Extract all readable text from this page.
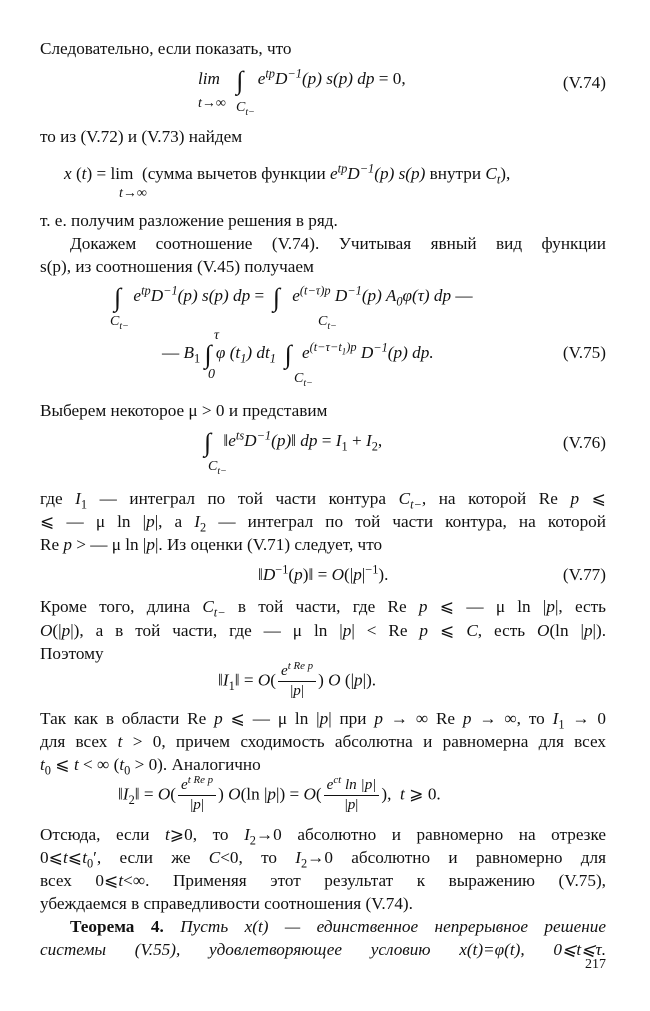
Следовательно, если показать, что
lim ∫ $e^{tp}D^{-1}(p)$ s(p) dp = 0,
t→∞ $C_{t-}$
(V.74)
то из (V.72) и (V.73) найдем
x (t) = lim  (сумма вычетов функции $e^{tp}D^{-1}(p)$ s(p) внутри $C_t$),
t→∞
т. е. получим разложение решения в ряд.
Докажем соотношение (V.74). Учитывая явный вид функции
s(p), из соотношения (V.45) получаем
∫ $e^{tp}D^{-1}(p)$ s(p) dp =  ∫ $e^{(t-\tau)p}$ $D^{-1}(p)$ $A_0\varphi(\tau)$ dp —
$C_{t-}$	$C_{t-}$
— $B_1$ ∫ φ $(t_1)$ $dt_1$ ∫ $e^{(t-\tau-t_1)p}$ $D^{-1}(p)$ dp.
τ
0	$C_{t-}$
(V.75)
Выберем некоторое μ > 0 и представим
∫ $‖e^{ts}D^{-1}(p)‖$ dp = $I_1 + I_2$,
$C_{t-}$
(V.76)
где $I_1$ — интеграл по той части контура $C_{t-}$, на которой Re p ⩽
⩽ — μ ln |p|, а $I_2$ — интеграл по той части контура, на которой
Re p > — μ ln |p|. Из оценки (V.71) следует, что
$‖D^{-1}(p)‖ = O(|p|^{-1})$.	(V.77)
Кроме того, длина $C_{t-}$ в той части, где Re p ⩽ — μ ln |p|, есть
O(|p|), а в той части, где — μ ln |p| < Re p ⩽ C, есть O(ln |p|).
Поэтому
$‖I_1‖ = O( \frac{e^{t Re p}}{|p|}$ ) O (|p|).
Так как в области Re p ⩽ — μ ln |p| при p → ∞ Re p → ∞, то $I_1 \to 0$
для всех t > 0, причем сходимость абсолютна и равномерна для всех
$t_0$ ⩽ t < ∞ $(t_0 > 0)$. Аналогично
$‖I_2‖ = O( \frac{e^{t Re p}}{|p|}$ ) O(ln $|p|) = O( \frac{e^{ct} \ln |p|}{|p|}$ ),  t ⩾ 0.
Отсюда, если t⩾0, то $I_2\to 0$ абсолютно и равномерно на отрезке
$0⩽t⩽t_0'$, если же C<0, то $I_2\to 0$ абсолютно и равномерно для
всех 0⩽t<∞. Применяя этот результат к выражению (V.75),
убеждаемся в справедливости соотношения (V.74).
Теорема 4. Пусть x(t) — единственное непрерывное решение
системы (V.55), удовлетворяющее условию x(t)=φ(t), 0⩽t⩽τ.
217
